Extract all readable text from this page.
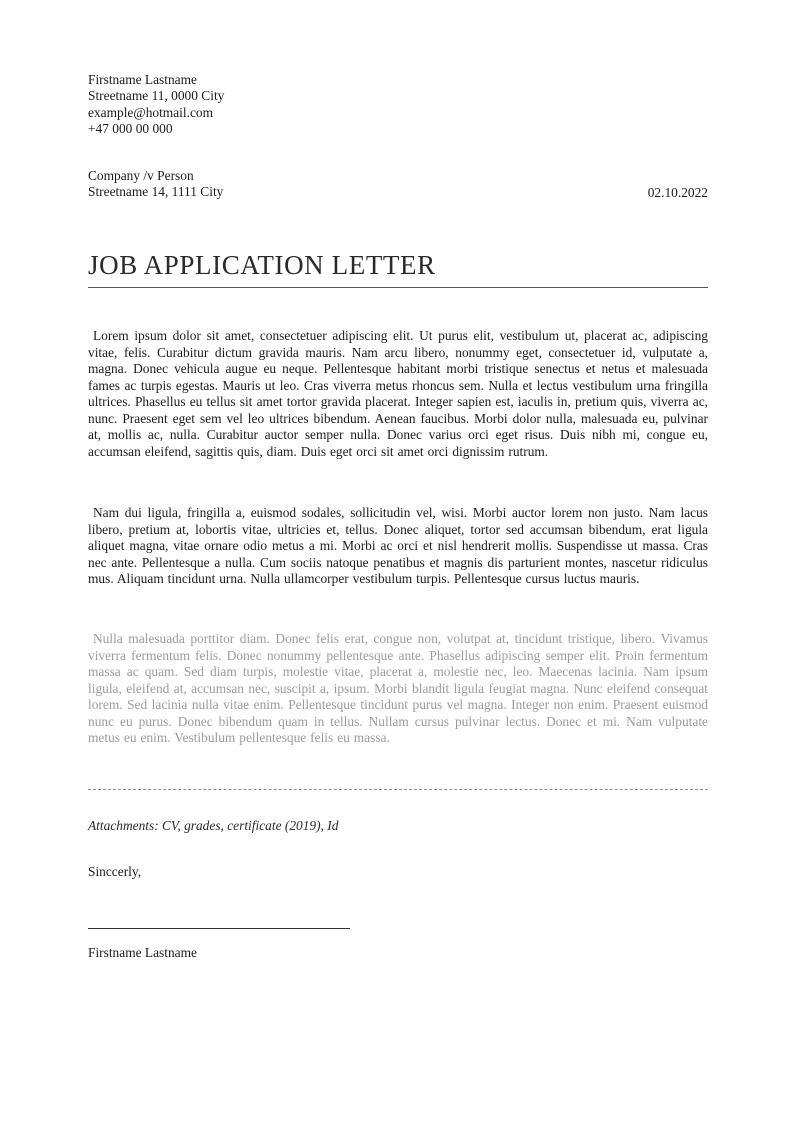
Firstname Lastname
Streetname 11, 0000 City
example@hotmail.com
+47 000 00 000
Company /v Person
Streetname 14, 1111 City	02.10.2022
JOB APPLICATION LETTER

Lorem ipsum dolor sit amet, consectetuer adipiscing elit. Ut purus elit, vestibulum ut, placerat ac, adipiscing vitae, felis. Curabitur dictum gravida mauris. Nam arcu libero, nonummy eget, consectetuer id, vulputate a, magna. Donec vehicula augue eu neque. Pellentesque habitant morbi tristique senectus et netus et malesuada fames ac turpis egestas. Mauris ut leo. Cras viverra metus rhoncus sem. Nulla et lectus vestibulum urna fringilla ultrices. Phasellus eu tellus sit amet tortor gravida placerat. Integer sapien est, iaculis in, pretium quis, viverra ac, nunc. Praesent eget sem vel leo ultrices bibendum. Aenean faucibus. Morbi dolor nulla, malesuada eu, pulvinar at, mollis ac, nulla. Curabitur auctor semper nulla. Donec varius orci eget risus. Duis nibh mi, congue eu, accumsan eleifend, sagittis quis, diam. Duis eget orci sit amet orci dignissim rutrum.

Nam dui ligula, fringilla a, euismod sodales, sollicitudin vel, wisi. Morbi auctor lorem non justo. Nam lacus libero, pretium at, lobortis vitae, ultricies et, tellus. Donec aliquet, tortor sed accumsan bibendum, erat ligula aliquet magna, vitae ornare odio metus a mi. Morbi ac orci et nisl hendrerit mollis. Suspendisse ut massa. Cras nec ante. Pellentesque a nulla. Cum sociis natoque penatibus et magnis dis parturient montes, nascetur ridiculus mus. Aliquam tincidunt urna. Nulla ullamcorper vestibulum turpis. Pellentesque cursus luctus mauris.

Nulla malesuada porttitor diam. Donec felis erat, congue non, volutpat at, tincidunt tristique, libero. Vivamus viverra fermentum felis. Donec nonummy pellentesque ante. Phasellus adipiscing semper elit. Proin fermentum massa ac quam. Sed diam turpis, molestie vitae, placerat a, molestie nec, leo. Maecenas lacinia. Nam ipsum ligula, eleifend at, accumsan nec, suscipit a, ipsum. Morbi blandit ligula feugiat magna. Nunc eleifend consequat lorem. Sed lacinia nulla vitae enim. Pellentesque tincidunt purus vel magna. Integer non enim. Praesent euismod nunc eu purus. Donec bibendum quam in tellus. Nullam cursus pulvinar lectus. Donec et mi. Nam vulputate metus eu enim. Vestibulum pellentesque felis eu massa.

Attachments: CV, grades, certificate (2019), Id

Sinccerly,

Firstname Lastname
